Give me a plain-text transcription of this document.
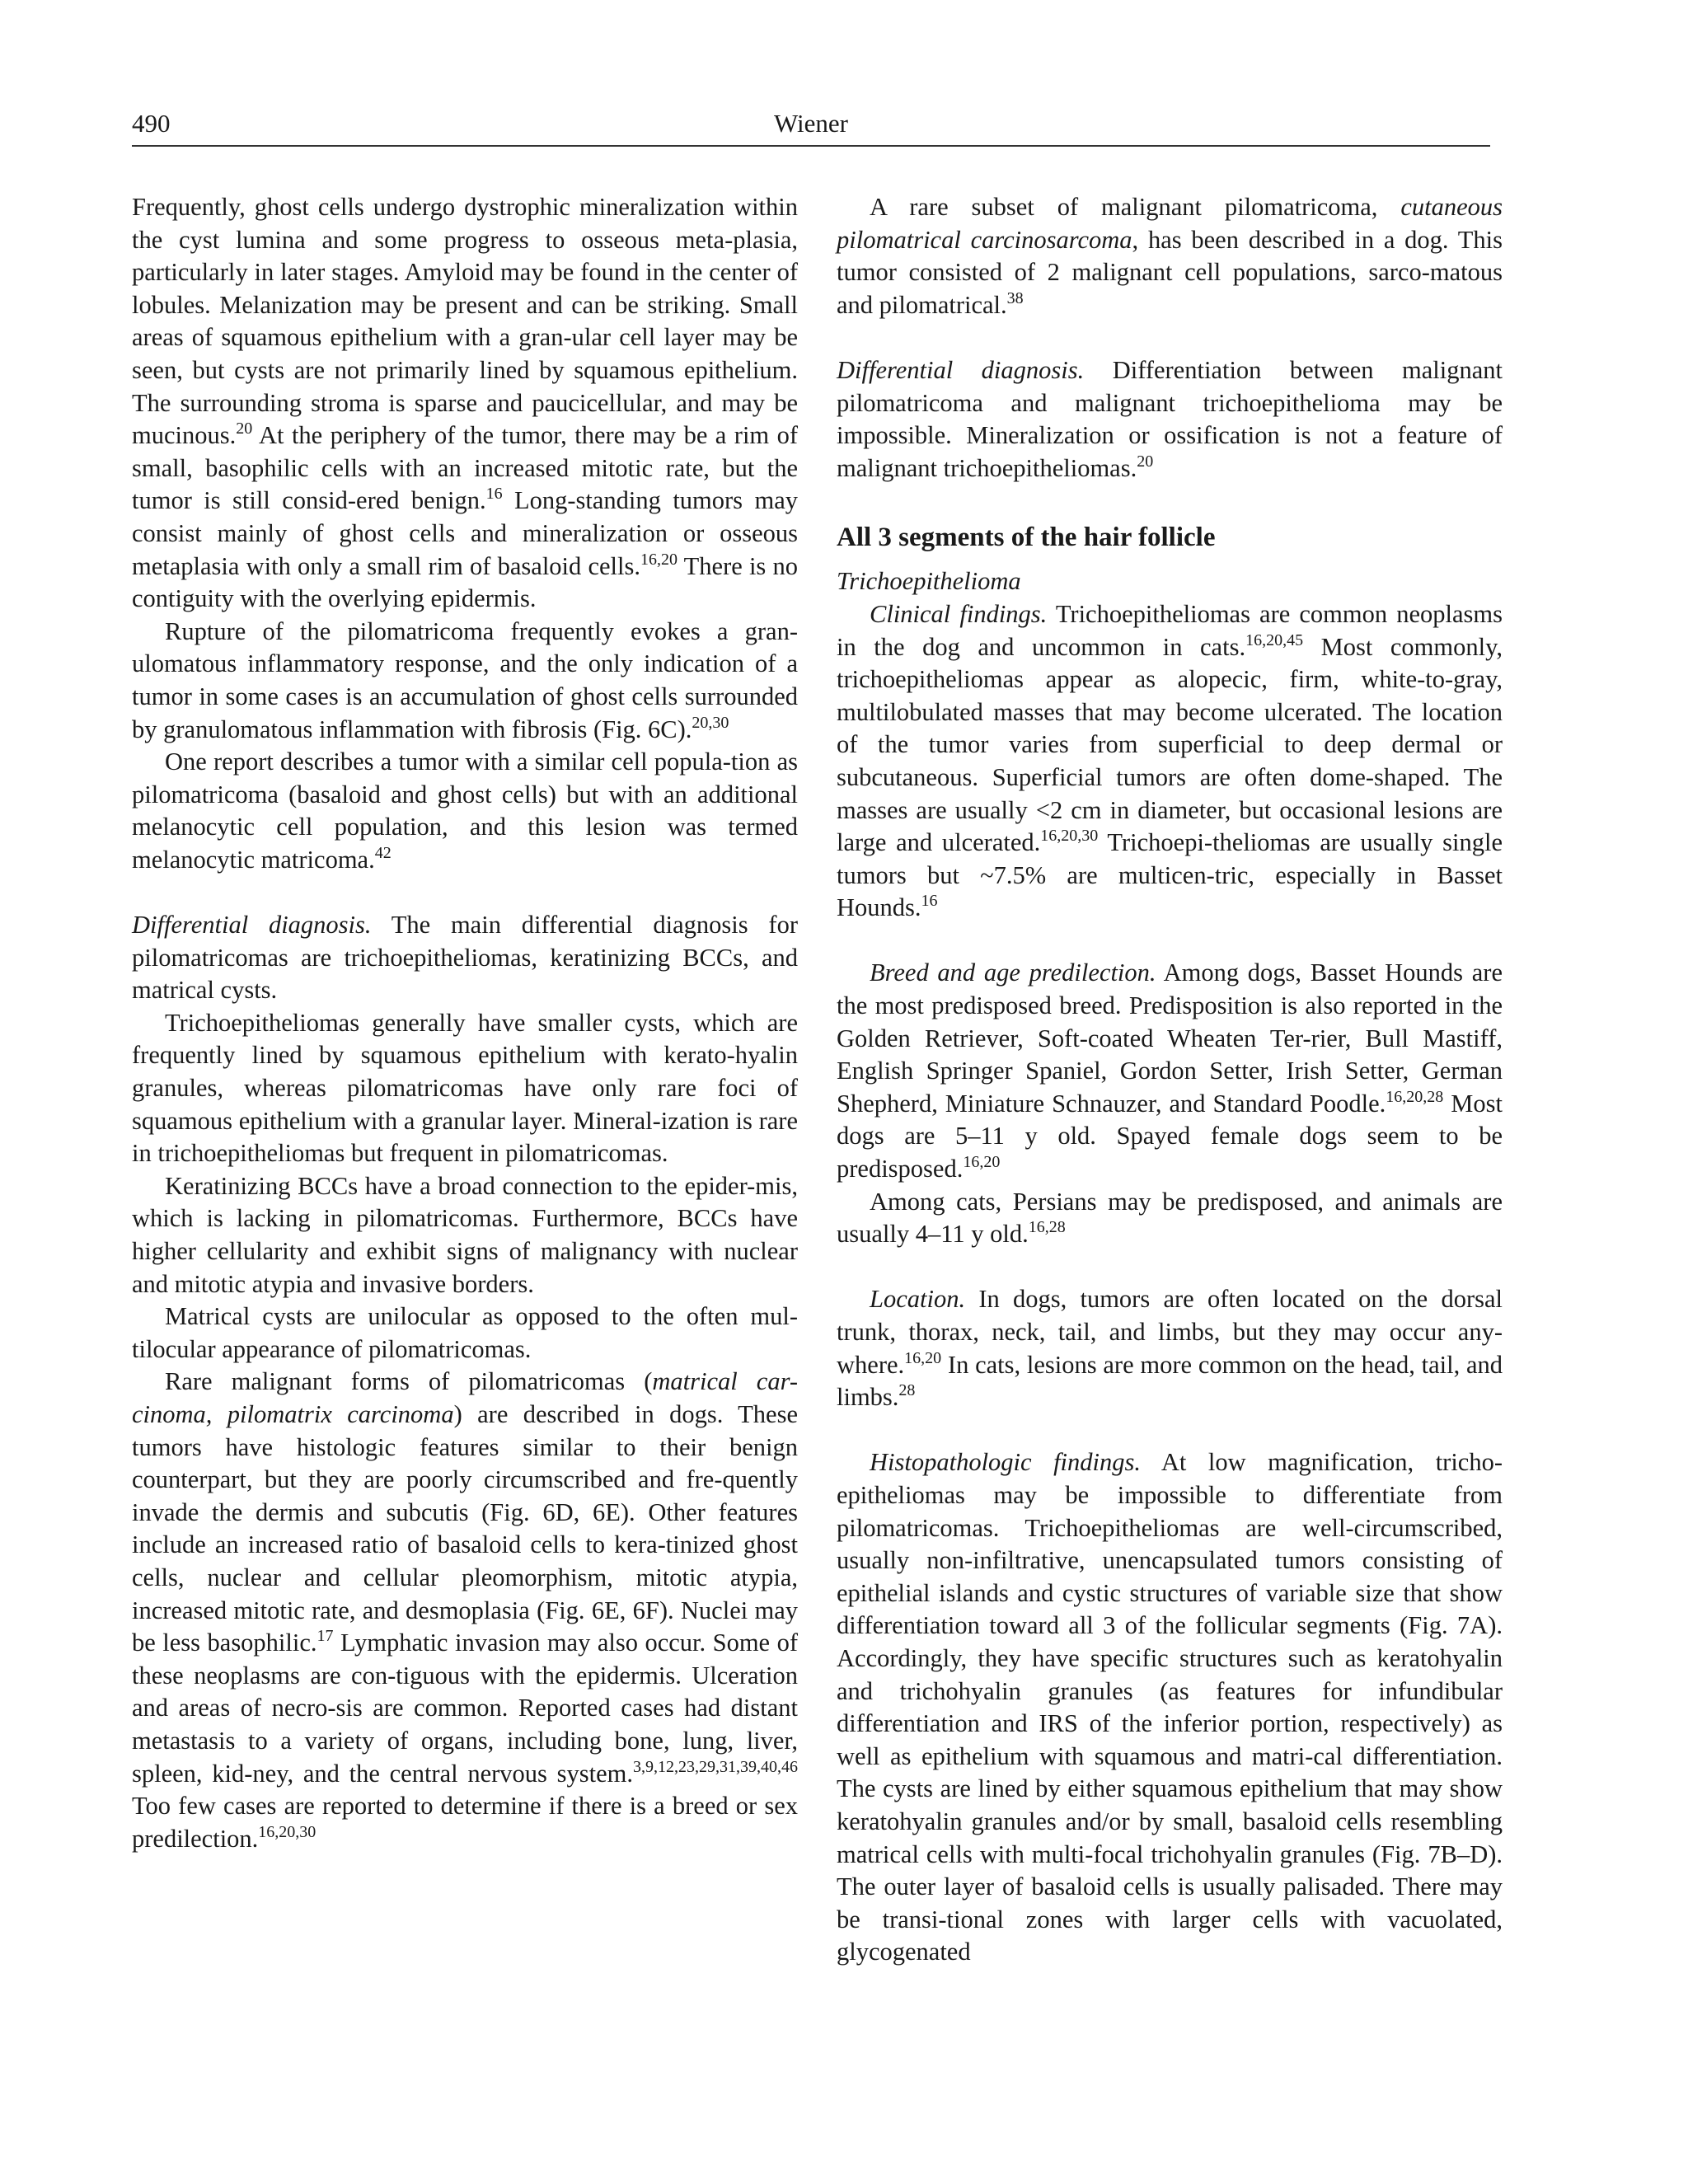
490	Wiener

Frequently, ghost cells undergo dystrophic mineralization within the cyst lumina and some progress to osseous meta-plasia, particularly in later stages. Amyloid may be found in the center of lobules. Melanization may be present and can be striking. Small areas of squamous epithelium with a gran-ular cell layer may be seen, but cysts are not primarily lined by squamous epithelium. The surrounding stroma is sparse and paucicellular, and may be mucinous.$^{20}$ At the periphery of the tumor, there may be a rim of small, basophilic cells with an increased mitotic rate, but the tumor is still consid-ered benign.$^{16}$ Long-standing tumors may consist mainly of ghost cells and mineralization or osseous metaplasia with only a small rim of basaloid cells.$^{16,20}$ There is no contiguity with the overlying epidermis.

Rupture of the pilomatricoma frequently evokes a gran-ulomatous inflammatory response, and the only indication of a tumor in some cases is an accumulation of ghost cells surrounded by granulomatous inflammation with fibrosis (Fig. 6C).$^{20,30}$

One report describes a tumor with a similar cell popula-tion as pilomatricoma (basaloid and ghost cells) but with an additional melanocytic cell population, and this lesion was termed melanocytic matricoma.$^{42}$

Differential diagnosis. The main differential diagnosis for pilomatricomas are trichoepitheliomas, keratinizing BCCs, and matrical cysts.

Trichoepitheliomas generally have smaller cysts, which are frequently lined by squamous epithelium with kerato-hyalin granules, whereas pilomatricomas have only rare foci of squamous epithelium with a granular layer. Mineral-ization is rare in trichoepitheliomas but frequent in pilomatricomas.

Keratinizing BCCs have a broad connection to the epider-mis, which is lacking in pilomatricomas. Furthermore, BCCs have higher cellularity and exhibit signs of malignancy with nuclear and mitotic atypia and invasive borders.

Matrical cysts are unilocular as opposed to the often mul-tilocular appearance of pilomatricomas.

Rare malignant forms of pilomatricomas (matrical car-cinoma, pilomatrix carcinoma) are described in dogs. These tumors have histologic features similar to their benign counterpart, but they are poorly circumscribed and fre-quently invade the dermis and subcutis (Fig. 6D, 6E). Other features include an increased ratio of basaloid cells to kera-tinized ghost cells, nuclear and cellular pleomorphism, mitotic atypia, increased mitotic rate, and desmoplasia (Fig. 6E, 6F). Nuclei may be less basophilic.$^{17}$ Lymphatic invasion may also occur. Some of these neoplasms are con-tiguous with the epidermis. Ulceration and areas of necro-sis are common. Reported cases had distant metastasis to a variety of organs, including bone, lung, liver, spleen, kid-ney, and the central nervous system.$^{3,9,12,23,29,31,39,40,46}$ Too few cases are reported to determine if there is a breed or sex predilection.$^{16,20,30}$

A rare subset of malignant pilomatricoma, cutaneous pilomatrical carcinosarcoma, has been described in a dog. This tumor consisted of 2 malignant cell populations, sarco-matous and pilomatrical.$^{38}$

Differential diagnosis. Differentiation between malignant pilomatricoma and malignant trichoepithelioma may be impossible. Mineralization or ossification is not a feature of malignant trichoepitheliomas.$^{20}$

All 3 segments of the hair follicle

Trichoepithelioma

Clinical findings. Trichoepitheliomas are common neoplasms in the dog and uncommon in cats.$^{16,20,45}$ Most commonly, trichoepitheliomas appear as alopecic, firm, white-to-gray, multilobulated masses that may become ulcerated. The location of the tumor varies from superficial to deep dermal or subcutaneous. Superficial tumors are often dome-shaped. The masses are usually <2 cm in diameter, but occasional lesions are large and ulcerated.$^{16,20,30}$ Trichoepi-theliomas are usually single tumors but ~7.5% are multicen-tric, especially in Basset Hounds.$^{16}$

Breed and age predilection. Among dogs, Basset Hounds are the most predisposed breed. Predisposition is also reported in the Golden Retriever, Soft-coated Wheaten Ter-rier, Bull Mastiff, English Springer Spaniel, Gordon Setter, Irish Setter, German Shepherd, Miniature Schnauzer, and Standard Poodle.$^{16,20,28}$ Most dogs are 5–11 y old. Spayed female dogs seem to be predisposed.$^{16,20}$

Among cats, Persians may be predisposed, and animals are usually 4–11 y old.$^{16,28}$

Location. In dogs, tumors are often located on the dorsal trunk, thorax, neck, tail, and limbs, but they may occur any-where.$^{16,20}$ In cats, lesions are more common on the head, tail, and limbs.$^{28}$

Histopathologic findings. At low magnification, tricho-epitheliomas may be impossible to differentiate from pilomatricomas. Trichoepitheliomas are well-circumscribed, usually non-infiltrative, unencapsulated tumors consisting of epithelial islands and cystic structures of variable size that show differentiation toward all 3 of the follicular segments (Fig. 7A). Accordingly, they have specific structures such as keratohyalin and trichohyalin granules (as features for infundibular differentiation and IRS of the inferior portion, respectively) as well as epithelium with squamous and matri-cal differentiation. The cysts are lined by either squamous epithelium that may show keratohyalin granules and/or by small, basaloid cells resembling matrical cells with multi-focal trichohyalin granules (Fig. 7B–D). The outer layer of basaloid cells is usually palisaded. There may be transi-tional zones with larger cells with vacuolated, glycogenated
